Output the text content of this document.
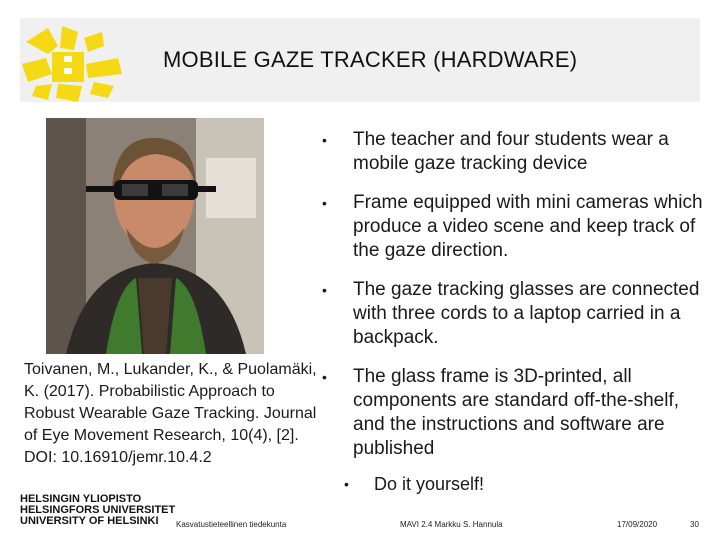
MOBILE GAZE TRACKER (HARDWARE)
• The teacher and four students wear a mobile gaze tracking device
• Frame equipped with mini cameras which produce a video scene and keep track of the gaze direction.
• The gaze tracking glasses are connected with three cords to a laptop carried in a backpack.
• The glass frame is 3D-printed, all components are standard off-the-shelf, and the instructions and software are published
• Do it yourself!
Toivanen, M., Lukander, K., & Puolamäki, K. (2017). Probabilistic Approach to Robust Wearable Gaze Tracking. Journal of Eye Movement Research, 10(4), [2]. DOI: 10.16910/jemr.10.4.2
HELSINGIN YLIOPISTO
HELSINGFORS UNIVERSITET
UNIVERSITY OF HELSINKI	Kasvatustieteellinen tiedekunta	MAVI 2.4 Markku S. Hannula	17/09/2020	30
